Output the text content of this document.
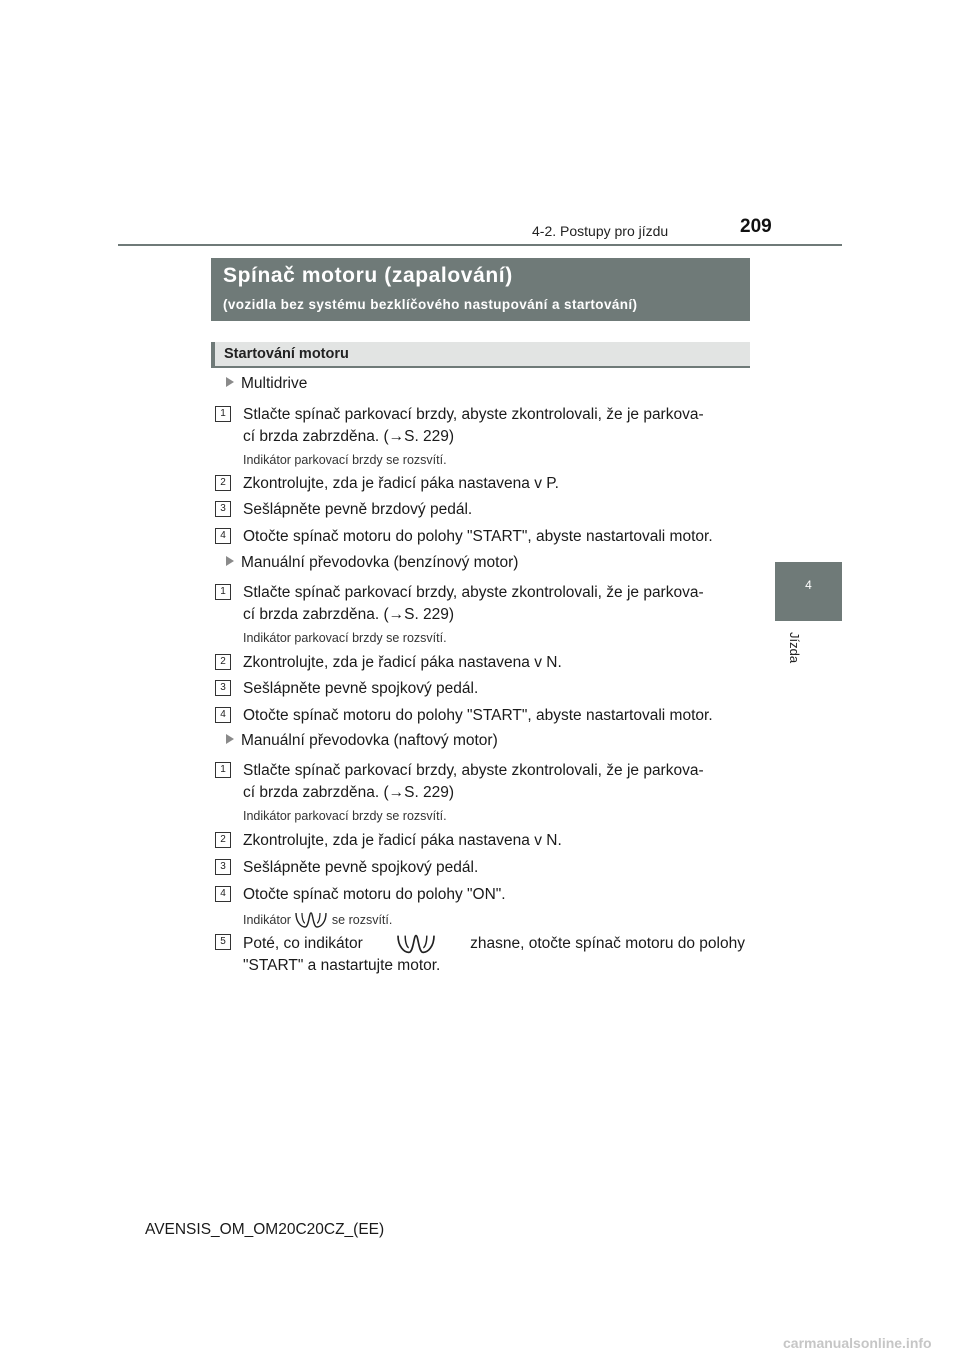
4-2. Postupy pro jízdu	209
4
Jízda
Spínač motoru (zapalování)
(vozidla bez systému bezklíčového nastupování a startování)
Startování motoru
Multidrive
1	Stlačte spínač parkovací brzdy, abyste zkontrolovali, že je parkova-
cí brzda zabrzděna. (→S. 229)
Indikátor parkovací brzdy se rozsvítí.
2	Zkontrolujte, zda je řadicí páka nastavena v P.
3	Sešlápněte pevně brzdový pedál.
4	Otočte spínač motoru do polohy "START", abyste nastartovali motor.
Manuální převodovka (benzínový motor)
1	Stlačte spínač parkovací brzdy, abyste zkontrolovali, že je parkova-
cí brzda zabrzděna. (→S. 229)
Indikátor parkovací brzdy se rozsvítí.
2	Zkontrolujte, zda je řadicí páka nastavena v N.
3	Sešlápněte pevně spojkový pedál.
4	Otočte spínač motoru do polohy "START", abyste nastartovali motor.
Manuální převodovka (naftový motor)
1	Stlačte spínač parkovací brzdy, abyste zkontrolovali, že je parkova-
cí brzda zabrzděna. (→S. 229)
Indikátor parkovací brzdy se rozsvítí.
2	Zkontrolujte, zda je řadicí páka nastavena v N.
3	Sešlápněte pevně spojkový pedál.
4	Otočte spínač motoru do polohy "ON".
Indikátor	se rozsvítí.
5	Poté, co indikátor	zhasne, otočte spínač motoru do polohy
"START" a nastartujte motor.
AVENSIS_OM_OM20C20CZ_(EE)
carmanualsonline.info
